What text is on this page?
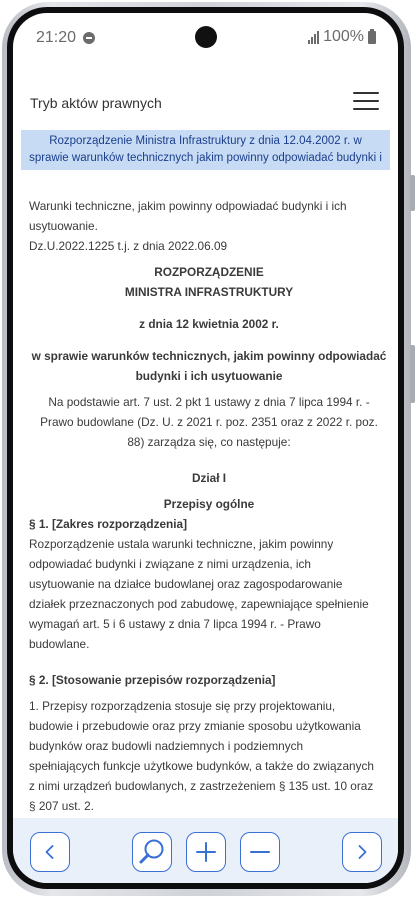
21:20	100%
Tryb aktów prawnych
Rozporządzenie Ministra Infrastruktury z dnia 12.04.2002 r. w
sprawie warunków technicznych jakim powinny odpowiadać budynki i

Warunki techniczne, jakim powinny odpowiadać budynki i ich

usytuowanie.

Dz.U.2022.1225 t.j. z dnia 2022.06.09

ROZPORZĄDZENIE

MINISTRA INFRASTRUKTURY

z dnia 12 kwietnia 2002 r.

w sprawie warunków technicznych, jakim powinny odpowiadać

budynki i ich usytuowanie

Na podstawie art. 7 ust. 2 pkt 1 ustawy z dnia 7 lipca 1994 r. -

Prawo budowlane (Dz. U. z 2021 r. poz. 2351 oraz z 2022 r. poz.

88) zarządza się, co następuje:

Dział I

Przepisy ogólne

§ 1. [Zakres rozporządzenia]

Rozporządzenie ustala warunki techniczne, jakim powinny

odpowiadać budynki i związane z nimi urządzenia, ich

usytuowanie na działce budowlanej oraz zagospodarowanie

działek przeznaczonych pod zabudowę, zapewniające spełnienie

wymagań art. 5 i 6 ustawy z dnia 7 lipca 1994 r. - Prawo

budowlane.

§ 2. [Stosowanie przepisów rozporządzenia]

1. Przepisy rozporządzenia stosuje się przy projektowaniu,

budowie i przebudowie oraz przy zmianie sposobu użytkowania

budynków oraz budowli nadziemnych i podziemnych

spełniających funkcje użytkowe budynków, a także do związanych

z nimi urządzeń budowlanych, z zastrzeżeniem § 135 ust. 10 oraz

§ 207 ust. 2.
